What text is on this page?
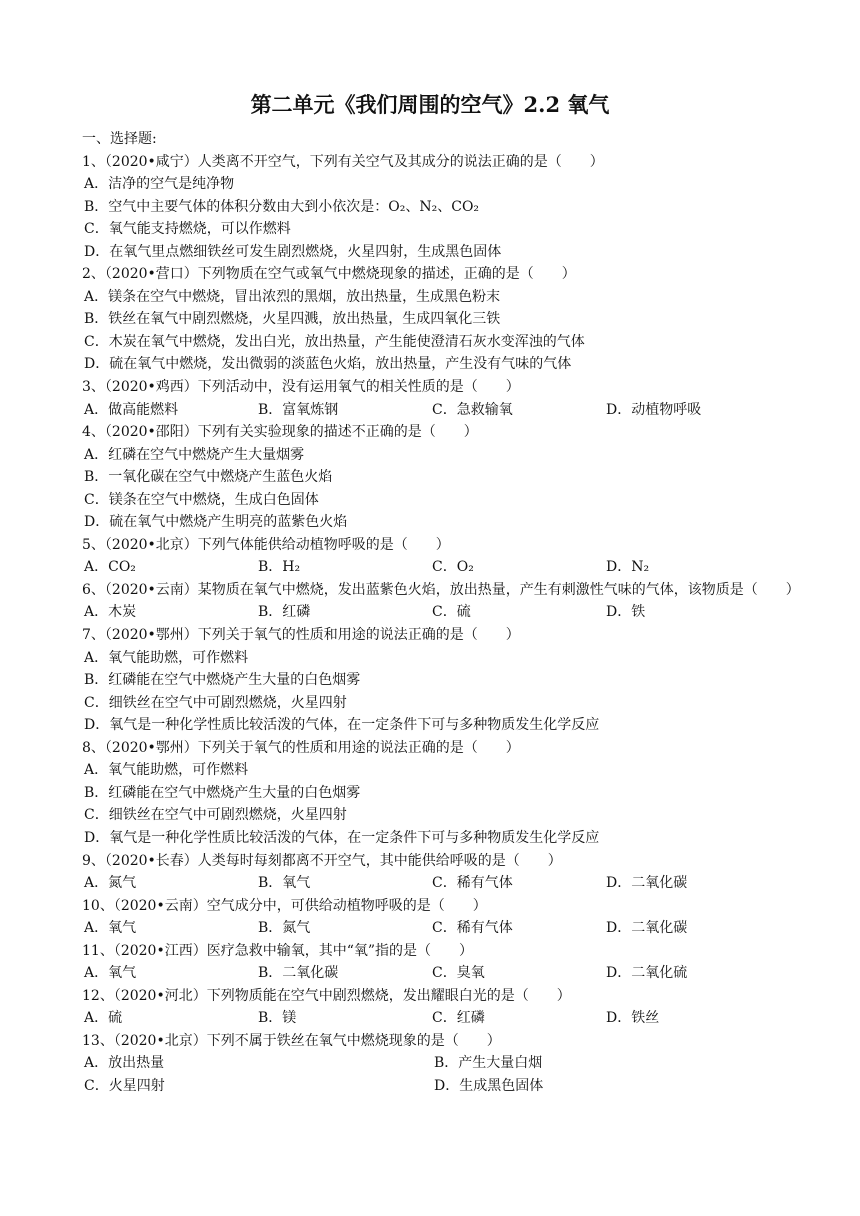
第二单元《我们周围的空气》2.2 氧气
一、选择题:
1、（2020•咸宁）人类离不开空气，下列有关空气及其成分的说法正确的是（　　）
A．洁净的空气是纯净物
B．空气中主要气体的体积分数由大到小依次是：O₂、N₂、CO₂
C．氧气能支持燃烧，可以作燃料
D．在氧气里点燃细铁丝可发生剧烈燃烧，火星四射，生成黑色固体
2、（2020•营口）下列物质在空气或氧气中燃烧现象的描述，正确的是（　　）
A．镁条在空气中燃烧，冒出浓烈的黑烟，放出热量，生成黑色粉末
B．铁丝在氧气中剧烈燃烧，火星四溅，放出热量，生成四氧化三铁
C．木炭在氧气中燃烧，发出白光，放出热量，产生能使澄清石灰水变浑浊的气体
D．硫在氧气中燃烧，发出微弱的淡蓝色火焰，放出热量，产生没有气味的气体
3、（2020•鸡西）下列活动中，没有运用氧气的相关性质的是（　　）
A．做高能燃料	B．富氧炼钢	C．急救输氧	D．动植物呼吸
4、（2020•邵阳）下列有关实验现象的描述不正确的是（　　）
A．红磷在空气中燃烧产生大量烟雾
B．一氧化碳在空气中燃烧产生蓝色火焰
C．镁条在空气中燃烧，生成白色固体
D．硫在氧气中燃烧产生明亮的蓝紫色火焰
5、（2020•北京）下列气体能供给动植物呼吸的是（　　）
A．CO₂	B．H₂	C．O₂	D．N₂
6、（2020•云南）某物质在氧气中燃烧，发出蓝紫色火焰，放出热量，产生有刺激性气味的气体，该物质是（　　）
A．木炭	B．红磷	C．硫	D．铁
7、（2020•鄂州）下列关于氧气的性质和用途的说法正确的是（　　）
A．氧气能助燃，可作燃料
B．红磷能在空气中燃烧产生大量的白色烟雾
C．细铁丝在空气中可剧烈燃烧，火星四射
D．氧气是一种化学性质比较活泼的气体，在一定条件下可与多种物质发生化学反应
8、（2020•鄂州）下列关于氧气的性质和用途的说法正确的是（　　）
A．氧气能助燃，可作燃料
B．红磷能在空气中燃烧产生大量的白色烟雾
C．细铁丝在空气中可剧烈燃烧，火星四射
D．氧气是一种化学性质比较活泼的气体，在一定条件下可与多种物质发生化学反应
9、（2020•长春）人类每时每刻都离不开空气，其中能供给呼吸的是（　　）
A．氮气	B．氧气	C．稀有气体	D．二氧化碳
10、（2020•云南）空气成分中，可供给动植物呼吸的是（　　）
A．氧气	B．氮气	C．稀有气体	D．二氧化碳
11、（2020•江西）医疗急救中输氧，其中“氧”指的是（　　）
A．氧气	B．二氧化碳	C．臭氧	D．二氧化硫
12、（2020•河北）下列物质能在空气中剧烈燃烧，发出耀眼白光的是（　　）
A．硫	B．镁	C．红磷	D．铁丝
13、（2020•北京）下列不属于铁丝在氧气中燃烧现象的是（　　）
A．放出热量	B．产生大量白烟
C．火星四射	D．生成黑色固体
